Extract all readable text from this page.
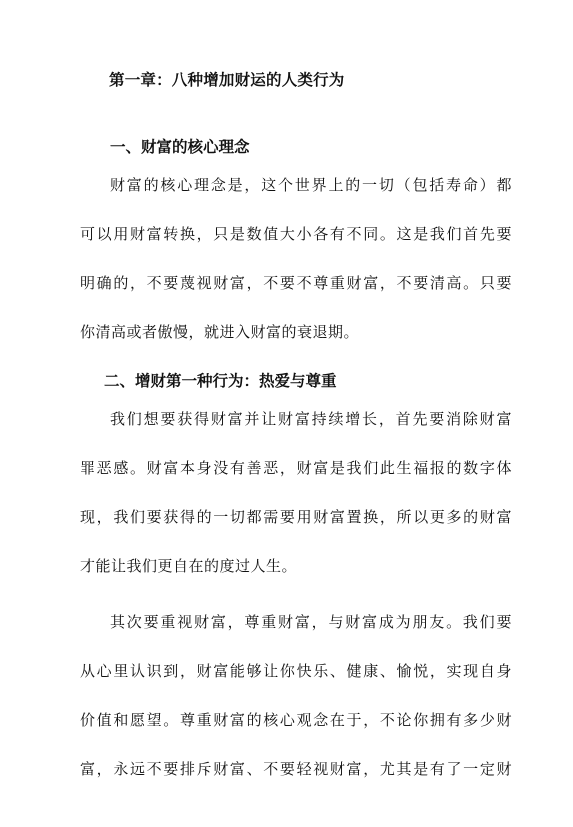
第一章：八种增加财运的人类行为
一、财富的核心理念
财富的核心理念是，这个世界上的一切（包括寿命）都
可以用财富转换，只是数值大小各有不同。这是我们首先要
明确的，不要蔑视财富，不要不尊重财富，不要清高。只要
你清高或者傲慢，就进入财富的衰退期。
二、增财第一种行为：热爱与尊重
我们想要获得财富并让财富持续增长，首先要消除财富
罪恶感。财富本身没有善恶，财富是我们此生福报的数字体
现，我们要获得的一切都需要用财富置换，所以更多的财富
才能让我们更自在的度过人生。
其次要重视财富，尊重财富，与财富成为朋友。我们要
从心里认识到，财富能够让你快乐、健康、愉悦，实现自身
价值和愿望。尊重财富的核心观念在于，不论你拥有多少财
富，永远不要排斥财富、不要轻视财富，尤其是有了一定财
